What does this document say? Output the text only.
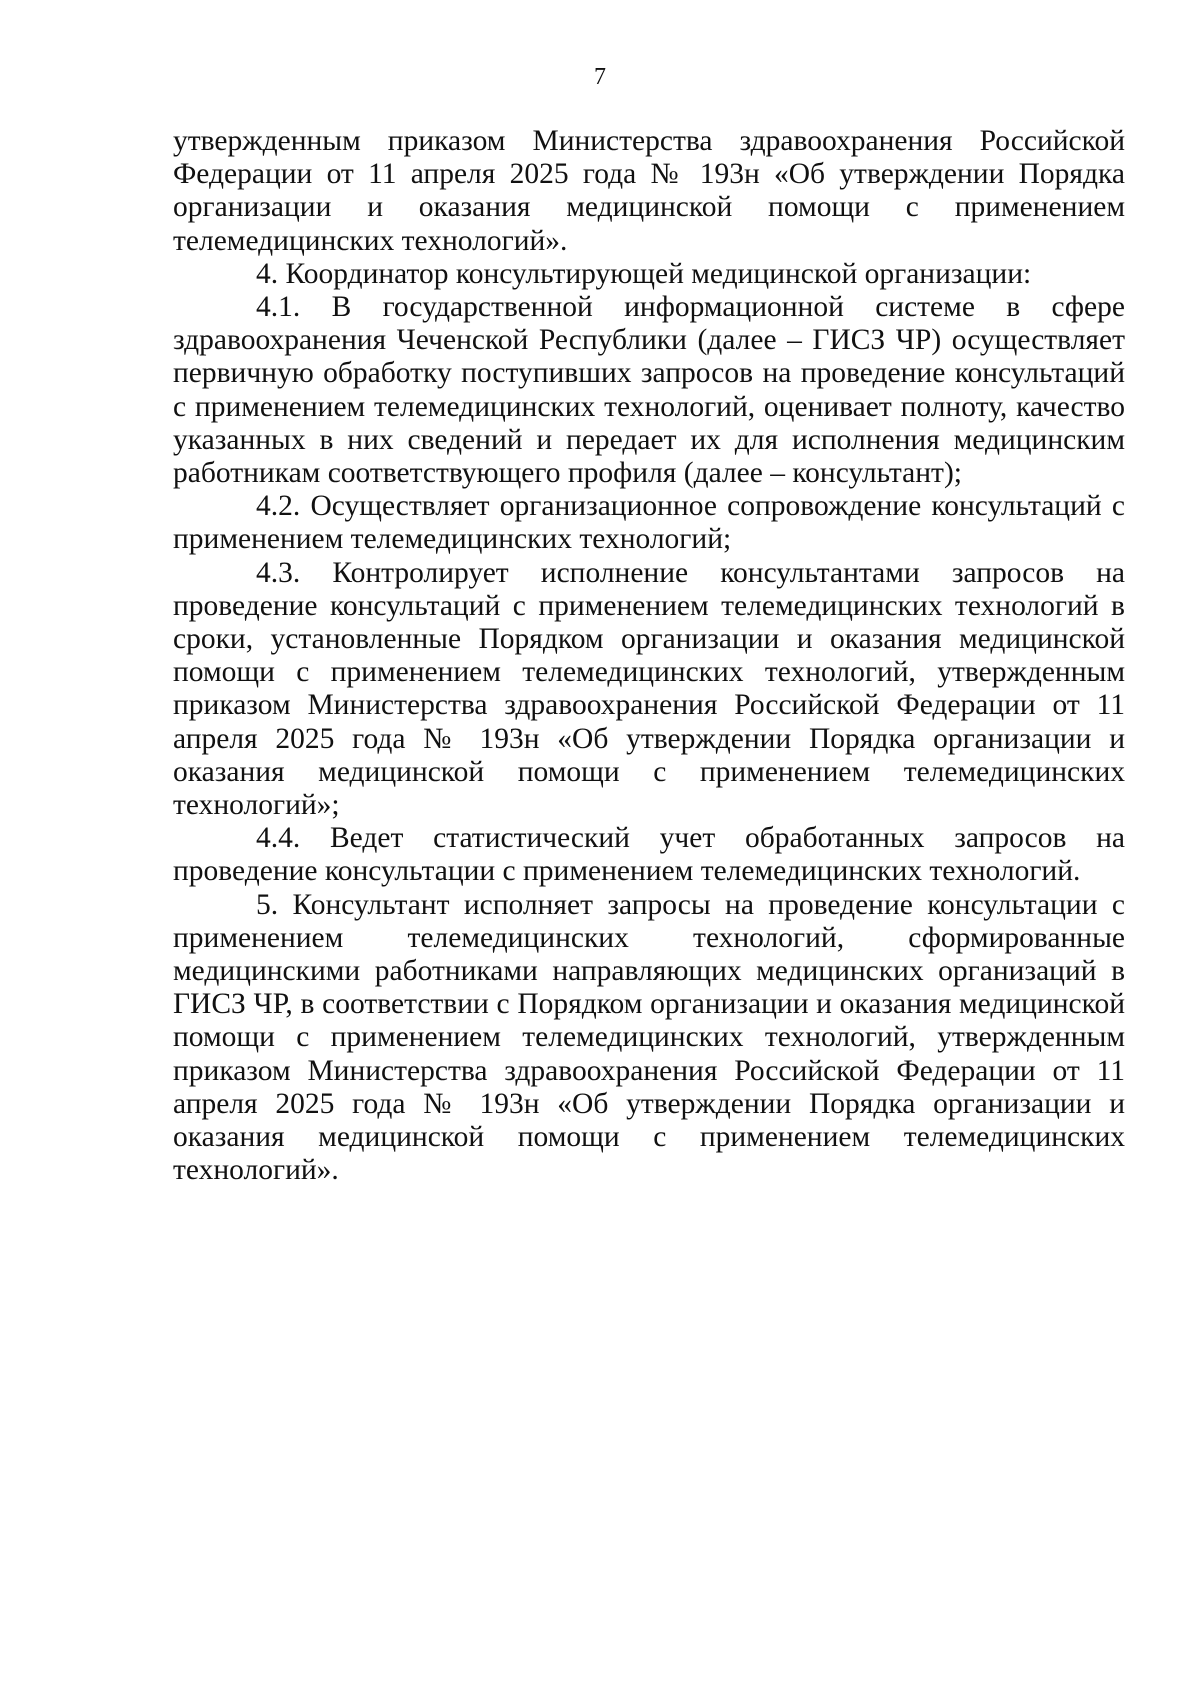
7

утвержденным приказом Министерства здравоохранения Российской Федерации от 11 апреля 2025 года № 193н «Об утверждении Порядка организации и оказания медицинской помощи с применением телемедицинских технологий».

4. Координатор консультирующей медицинской организации:

4.1. В государственной информационной системе в сфере здравоохранения Чеченской Республики (далее – ГИСЗ ЧР) осуществляет первичную обработку поступивших запросов на проведение консультаций с применением телемедицинских технологий, оценивает полноту, качество указанных в них сведений и передает их для исполнения медицинским работникам соответствующего профиля (далее – консультант);

4.2. Осуществляет организационное сопровождение консультаций с применением телемедицинских технологий;

4.3. Контролирует исполнение консультантами запросов на проведение консультаций с применением телемедицинских технологий в сроки, установленные Порядком организации и оказания медицинской помощи с применением телемедицинских технологий, утвержденным приказом Министерства здравоохранения Российской Федерации от 11 апреля 2025 года № 193н «Об утверждении Порядка организации и оказания медицинской помощи с применением телемедицинских технологий»;

4.4. Ведет статистический учет обработанных запросов на проведение консультации с применением телемедицинских технологий.

5. Консультант исполняет запросы на проведение консультации с применением телемедицинских технологий, сформированные медицинскими работниками направляющих медицинских организаций в ГИСЗ ЧР, в соответствии с Порядком организации и оказания медицинской помощи с применением телемедицинских технологий, утвержденным приказом Министерства здравоохранения Российской Федерации от 11 апреля 2025 года № 193н «Об утверждении Порядка организации и оказания медицинской помощи с применением телемедицинских технологий».
